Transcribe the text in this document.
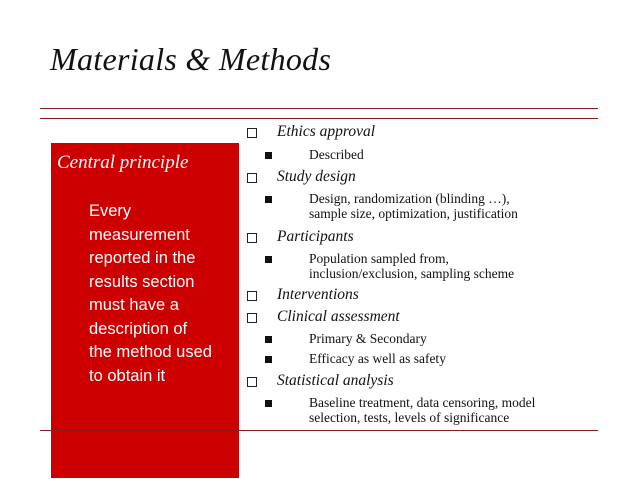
Materials & Methods
Central principle
Every
measurement
reported in the
results section
must have a
description of
the method used
to obtain it
Ethics approval
Described
Study design
Design, randomization (blinding …),
sample size, optimization, justification
Participants
Population sampled from,
inclusion/exclusion, sampling scheme
Interventions
Clinical assessment
Primary & Secondary
Efficacy as well as safety
Statistical analysis
Baseline treatment, data censoring, model
selection, tests, levels of significance
